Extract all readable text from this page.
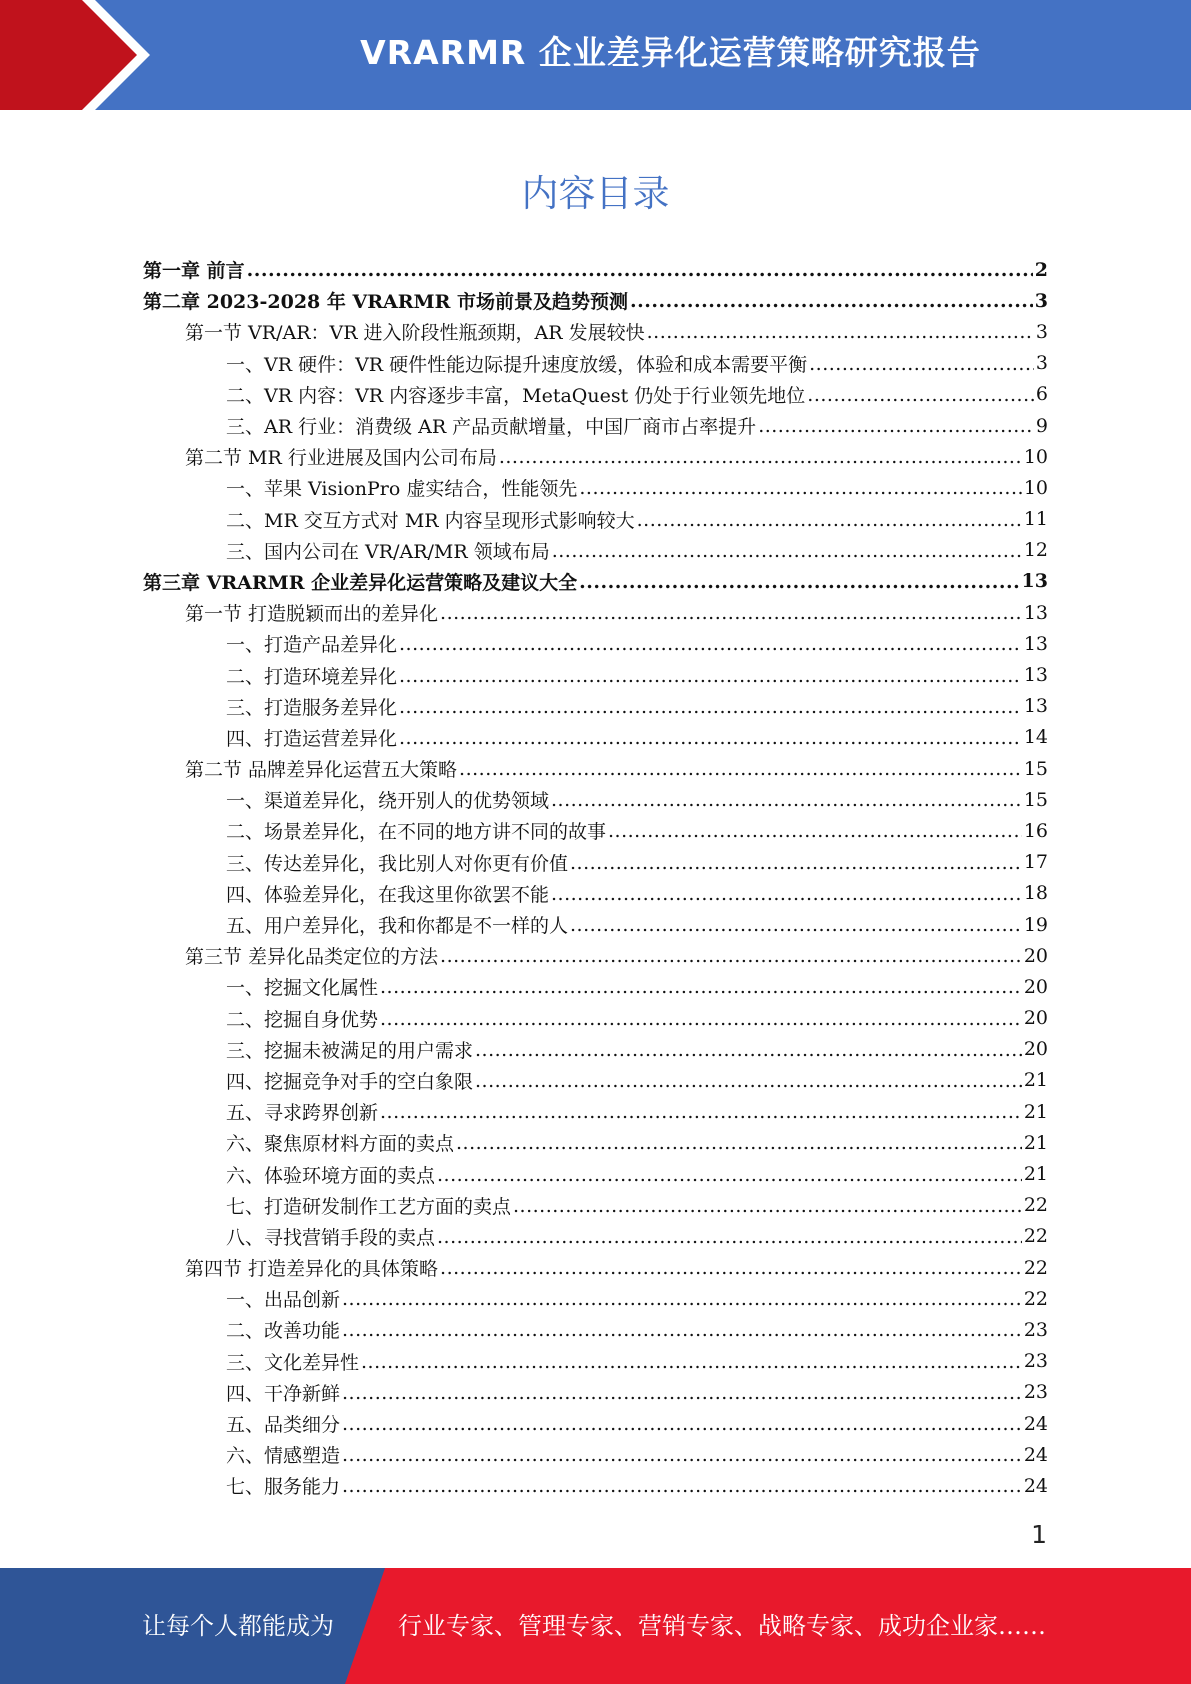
VRARMR 企业差异化运营策略研究报告
内容目录
第一章 前言 .....	2
第二章 2023-2028 年 VRARMR 市场前景及趋势预测 .....	3
第一节 VR/AR：VR 进入阶段性瓶颈期，AR 发展较快 .....	3
一、VR 硬件：VR 硬件性能边际提升速度放缓，体验和成本需要平衡 .....	3
二、VR 内容：VR 内容逐步丰富，MetaQuest 仍处于行业领先地位 .....	6
三、AR 行业：消费级 AR 产品贡献增量，中国厂商市占率提升 .....	9
第二节 MR 行业进展及国内公司布局 .....	10
一、苹果 VisionPro 虚实结合，性能领先 .....	10
二、MR 交互方式对 MR 内容呈现形式影响较大 .....	11
三、国内公司在 VR/AR/MR 领域布局 .....	12
第三章 VRARMR 企业差异化运营策略及建议大全 .....	13
第一节 打造脱颖而出的差异化 .....	13
一、打造产品差异化 .....	13
二、打造环境差异化 .....	13
三、打造服务差异化 .....	13
四、打造运营差异化 .....	14
第二节 品牌差异化运营五大策略 .....	15
一、渠道差异化，绕开别人的优势领域 .....	15
二、场景差异化，在不同的地方讲不同的故事 .....	16
三、传达差异化，我比别人对你更有价值 .....	17
四、体验差异化，在我这里你欲罢不能 .....	18
五、用户差异化，我和你都是不一样的人 .....	19
第三节 差异化品类定位的方法 .....	20
一、挖掘文化属性 .....	20
二、挖掘自身优势 .....	20
三、挖掘未被满足的用户需求 .....	20
四、挖掘竞争对手的空白象限 .....	21
五、寻求跨界创新 .....	21
六、聚焦原材料方面的卖点 .....	21
六、体验环境方面的卖点 .....	21
七、打造研发制作工艺方面的卖点 .....	22
八、寻找营销手段的卖点 .....	22
第四节 打造差异化的具体策略 .....	22
一、出品创新 .....	22
二、改善功能 .....	23
三、文化差异性 .....	23
四、干净新鲜 .....	23
五、品类细分 .....	24
六、情感塑造 .....	24
七、服务能力 .....	24
1
让每个人都能成为	行业专家、管理专家、营销专家、战略专家、成功企业家……
